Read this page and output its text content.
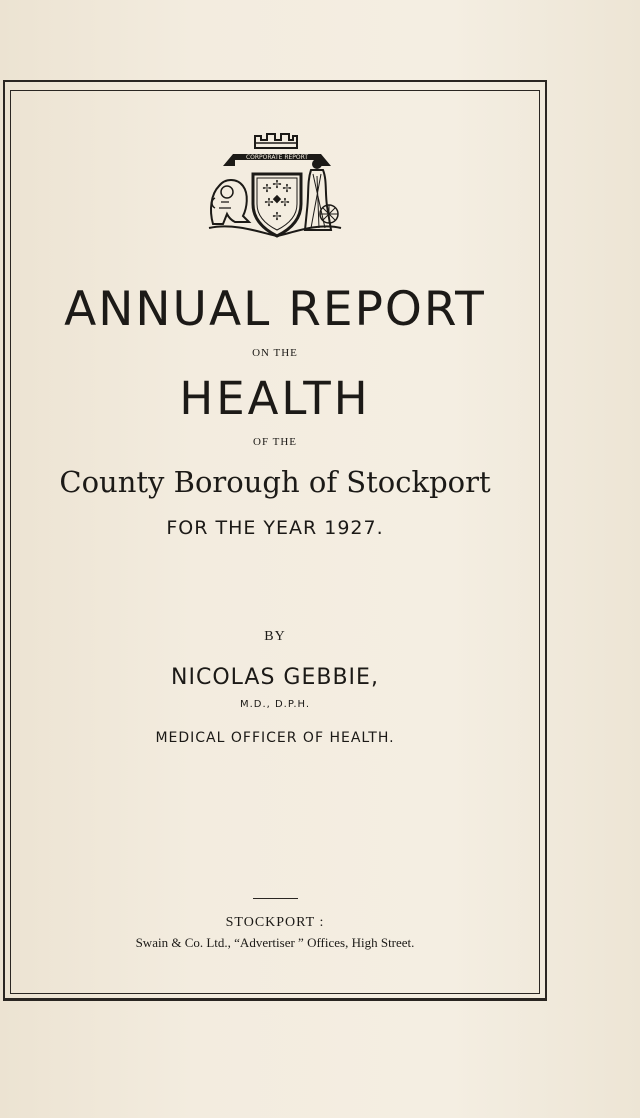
CORPORATE REPORT
✢ ✢ ✢
✢ ✢
✢
◆
ANNUAL REPORT
ON THE
HEALTH
OF THE
County Borough of Stockport
FOR THE YEAR 1927.
BY
NICOLAS GEBBIE,
M.D., D.P.H.
MEDICAL OFFICER OF HEALTH.
STOCKPORT :
Swain & Co. Ltd., “Advertiser ” Offices, High Street.
